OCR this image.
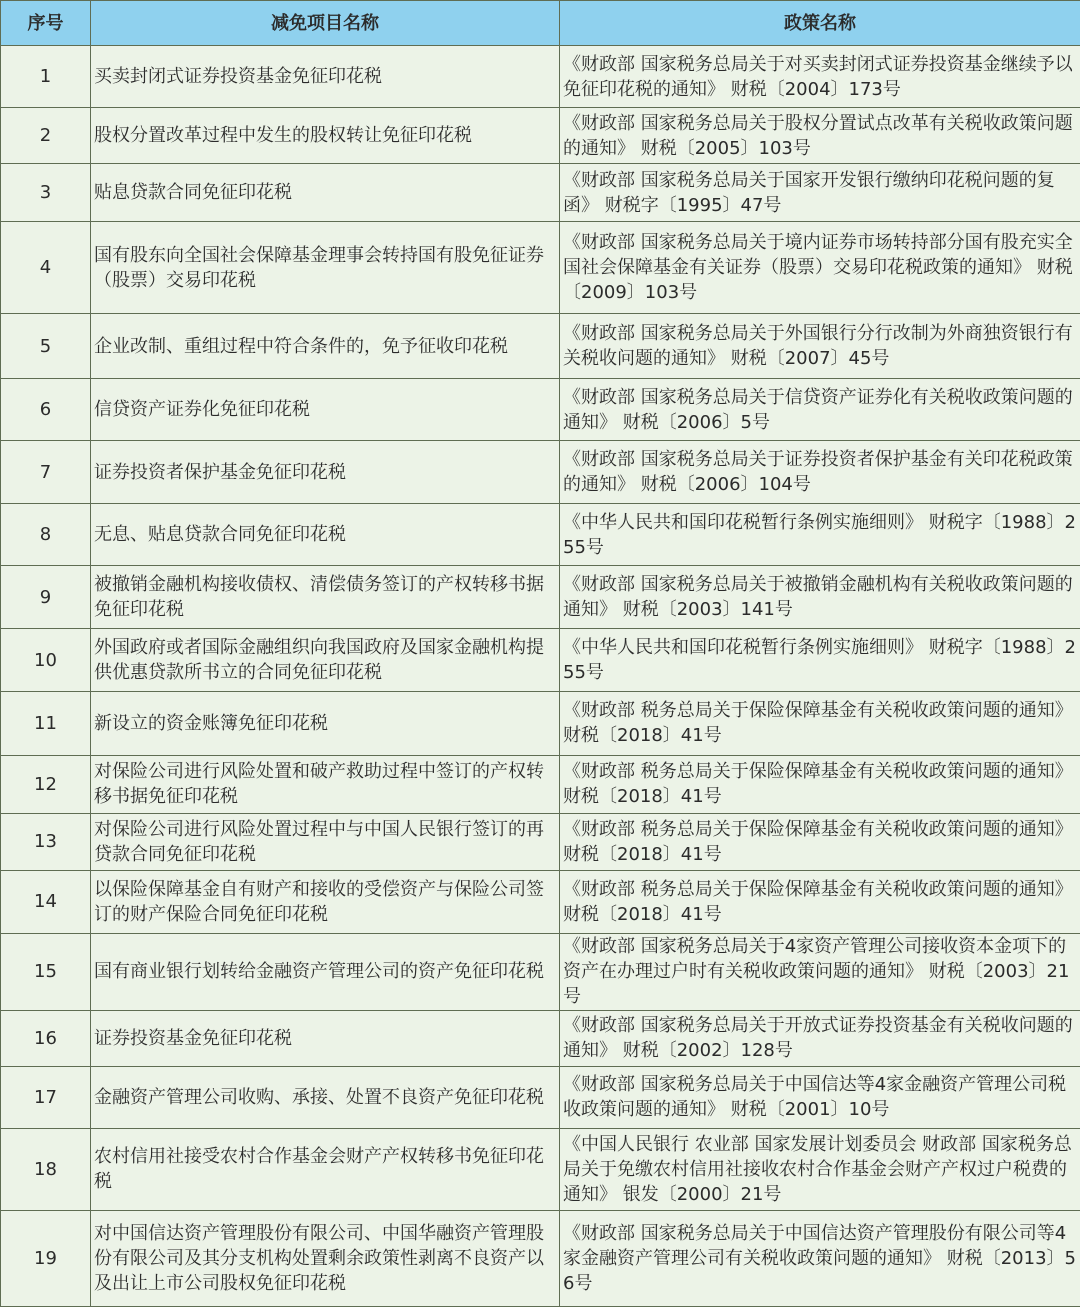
序号	减免项目名称	政策名称
1	买卖封闭式证券投资基金免征印花税	《财政部 国家税务总局关于对买卖封闭式证券投资基金继续予以免征印花税的通知》 财税〔2004〕173号
2	股权分置改革过程中发生的股权转让免征印花税	《财政部 国家税务总局关于股权分置试点改革有关税收政策问题的通知》 财税〔2005〕103号
3	贴息贷款合同免征印花税	《财政部 国家税务总局关于国家开发银行缴纳印花税问题的复函》 财税字〔1995〕47号
4	国有股东向全国社会保障基金理事会转持国有股免征证券（股票）交易印花税	《财政部 国家税务总局关于境内证券市场转持部分国有股充实全国社会保障基金有关证券（股票）交易印花税政策的通知》 财税〔2009〕103号
5	企业改制、重组过程中符合条件的，免予征收印花税	《财政部 国家税务总局关于外国银行分行改制为外商独资银行有关税收问题的通知》 财税〔2007〕45号
6	信贷资产证券化免征印花税	《财政部 国家税务总局关于信贷资产证券化有关税收政策问题的通知》 财税〔2006〕5号
7	证券投资者保护基金免征印花税	《财政部 国家税务总局关于证券投资者保护基金有关印花税政策的通知》 财税〔2006〕104号
8	无息、贴息贷款合同免征印花税	《中华人民共和国印花税暂行条例实施细则》 财税字〔1988〕255号
9	被撤销金融机构接收债权、清偿债务签订的产权转移书据免征印花税	《财政部 国家税务总局关于被撤销金融机构有关税收政策问题的通知》 财税〔2003〕141号
10	外国政府或者国际金融组织向我国政府及国家金融机构提供优惠贷款所书立的合同免征印花税	《中华人民共和国印花税暂行条例实施细则》 财税字〔1988〕255号
11	新设立的资金账簿免征印花税	《财政部 税务总局关于保险保障基金有关税收政策问题的通知》 财税〔2018〕41号
12	对保险公司进行风险处置和破产救助过程中签订的产权转移书据免征印花税	《财政部 税务总局关于保险保障基金有关税收政策问题的通知》 财税〔2018〕41号
13	对保险公司进行风险处置过程中与中国人民银行签订的再贷款合同免征印花税	《财政部 税务总局关于保险保障基金有关税收政策问题的通知》 财税〔2018〕41号
14	以保险保障基金自有财产和接收的受偿资产与保险公司签订的财产保险合同免征印花税	《财政部 税务总局关于保险保障基金有关税收政策问题的通知》 财税〔2018〕41号
15	国有商业银行划转给金融资产管理公司的资产免征印花税	《财政部 国家税务总局关于4家资产管理公司接收资本金项下的资产在办理过户时有关税收政策问题的通知》 财税〔2003〕21号
16	证券投资基金免征印花税	《财政部 国家税务总局关于开放式证券投资基金有关税收问题的通知》 财税〔2002〕128号
17	金融资产管理公司收购、承接、处置不良资产免征印花税	《财政部 国家税务总局关于中国信达等4家金融资产管理公司税收政策问题的通知》 财税〔2001〕10号
18	农村信用社接受农村合作基金会财产产权转移书免征印花税	《中国人民银行 农业部 国家发展计划委员会 财政部 国家税务总局关于免缴农村信用社接收农村合作基金会财产产权过户税费的通知》 银发〔2000〕21号
19	对中国信达资产管理股份有限公司、中国华融资产管理股份有限公司及其分支机构处置剩余政策性剥离不良资产以及出让上市公司股权免征印花税	《财政部 国家税务总局关于中国信达资产管理股份有限公司等4家金融资产管理公司有关税收政策问题的通知》 财税〔2013〕56号
